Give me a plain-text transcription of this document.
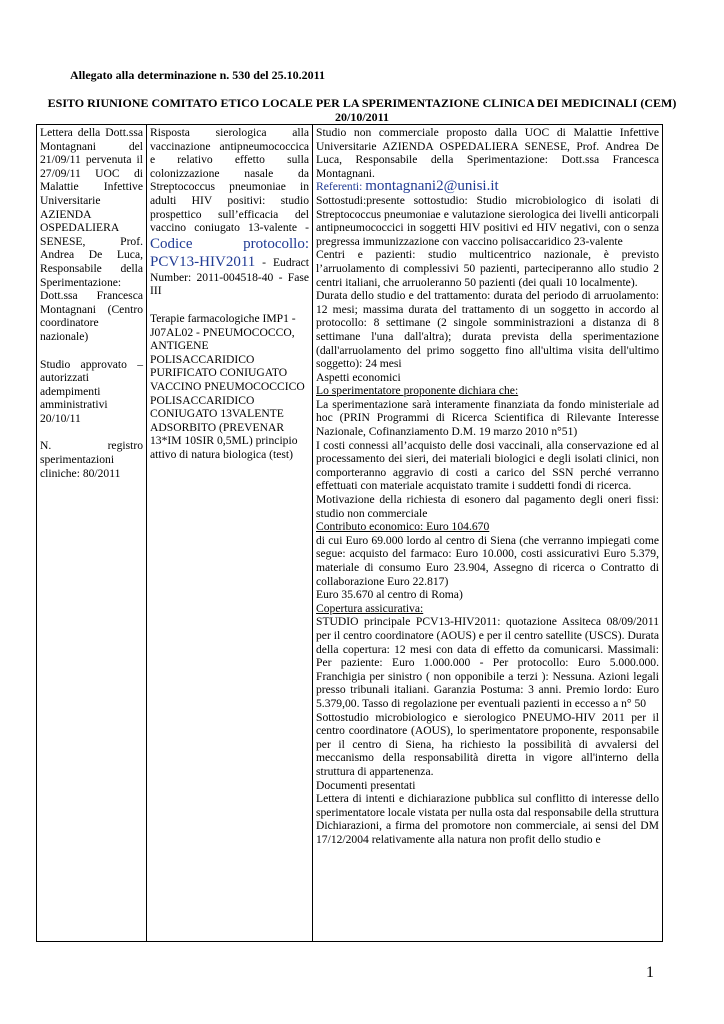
Allegato alla determinazione n. 530 del 25.10.2011
ESITO RIUNIONE COMITATO ETICO LOCALE PER LA SPERIMENTAZIONE CLINICA DEI MEDICINALI (CEM) 20/10/2011
Lettera della Dott.ssa Montagnani del 21/09/11 pervenuta il 27/09/11 UOC di Malattie Infettive Universitarie AZIENDA OSPEDALIERA SENESE, Prof. Andrea De Luca, Responsabile della Sperimentazione: Dott.ssa Francesca Montagnani (Centro coordinatore nazionale)
Studio approvato – autorizzati adempimenti amministrativi 20/10/11
N. registro sperimentazioni cliniche: 80/2011

Risposta sierologica alla vaccinazione antipneumococcica e relativo effetto sulla colonizzazione nasale da Streptococcus pneumoniae in adulti HIV positivi: studio prospettico sull’efficacia del vaccino coniugato 13-valente - Codice protocollo: PCV13-HIV2011 - Eudract Number: 2011-004518-40 - Fase III
Terapie farmacologiche IMP1 - J07AL02 - PNEUMOCOCCO, ANTIGENE POLISACCARIDICO PURIFICATO CONIUGATO VACCINO PNEUMOCOCCICO POLISACCARIDICO CONIUGATO 13VALENTE ADSORBITO (PREVENAR 13*IM 10SIR 0,5ML) principio attivo di natura biologica (test)

Studio non commerciale proposto dalla UOC di Malattie Infettive Universitarie AZIENDA OSPEDALIERA SENESE, Prof. Andrea De Luca, Responsabile della Sperimentazione: Dott.ssa Francesca Montagnani.
Referenti: montagnani2@unisi.it
Sottostudi:presente sottostudio: Studio microbiologico di isolati di Streptococcus pneumoniae e valutazione sierologica dei livelli anticorpali antipneumococcici in soggetti HIV positivi ed HIV negativi, con o senza pregressa immunizzazione con vaccino polisaccaridico 23-valente
Centri e pazienti: studio multicentrico nazionale, è previsto l’arruolamento di complessivi 50 pazienti, parteciperanno allo studio 2 centri italiani, che arruoleranno 50 pazienti (dei quali 10 localmente).
Durata dello studio e del trattamento: durata del periodo di arruolamento: 12 mesi; massima durata del trattamento di un soggetto in accordo al protocollo: 8 settimane (2 singole somministrazioni a distanza di 8 settimane l'una dall'altra); durata prevista della sperimentazione (dall'arruolamento del primo soggetto fino all'ultima visita dell'ultimo soggetto): 24 mesi
Aspetti economici
Lo sperimentatore proponente dichiara che:
La sperimentazione sarà interamente finanziata da fondo ministeriale ad hoc (PRIN Programmi di Ricerca Scientifica di Rilevante Interesse Nazionale, Cofinanziamento D.M. 19 marzo 2010 n°51)
I costi connessi all’acquisto delle dosi vaccinali, alla conservazione ed al processamento dei sieri, dei materiali biologici e degli isolati clinici, non comporteranno aggravio di costi a carico del SSN perché verranno effettuati con materiale acquistato tramite i suddetti fondi di ricerca.
Motivazione della richiesta di esonero dal pagamento degli oneri fissi: studio non commerciale
Contributo economico: Euro 104.670
di cui Euro 69.000 lordo al centro di Siena (che verranno impiegati come segue: acquisto del farmaco: Euro 10.000, costi assicurativi Euro 5.379, materiale di consumo Euro 23.904, Assegno di ricerca o Contratto di collaborazione Euro 22.817)
Euro 35.670 al centro di Roma)
Copertura assicurativa:
STUDIO principale PCV13-HIV2011: quotazione Assiteca 08/09/2011 per il centro coordinatore (AOUS) e per il centro satellite (USCS). Durata della copertura: 12 mesi con data di effetto da comunicarsi. Massimali: Per paziente: Euro 1.000.000 - Per protocollo: Euro 5.000.000. Franchigia per sinistro ( non opponibile a terzi ): Nessuna. Azioni legali presso tribunali italiani. Garanzia Postuma: 3 anni. Premio lordo: Euro 5.379,00. Tasso di regolazione per eventuali pazienti in eccesso a n° 50
Sottostudio microbiologico e sierologico PNEUMO-HIV 2011 per il centro coordinatore (AOUS), lo sperimentatore proponente, responsabile per il centro di Siena, ha richiesto la possibilità di avvalersi del meccanismo della responsabilità diretta in vigore all'interno della struttura di appartenenza.
Documenti presentati
Lettera di intenti e dichiarazione pubblica sul conflitto di interesse dello sperimentatore locale vistata per nulla osta dal responsabile della struttura
Dichiarazioni, a firma del promotore non commerciale, ai sensi del DM 17/12/2004 relativamente alla natura non profit dello studio e
1
